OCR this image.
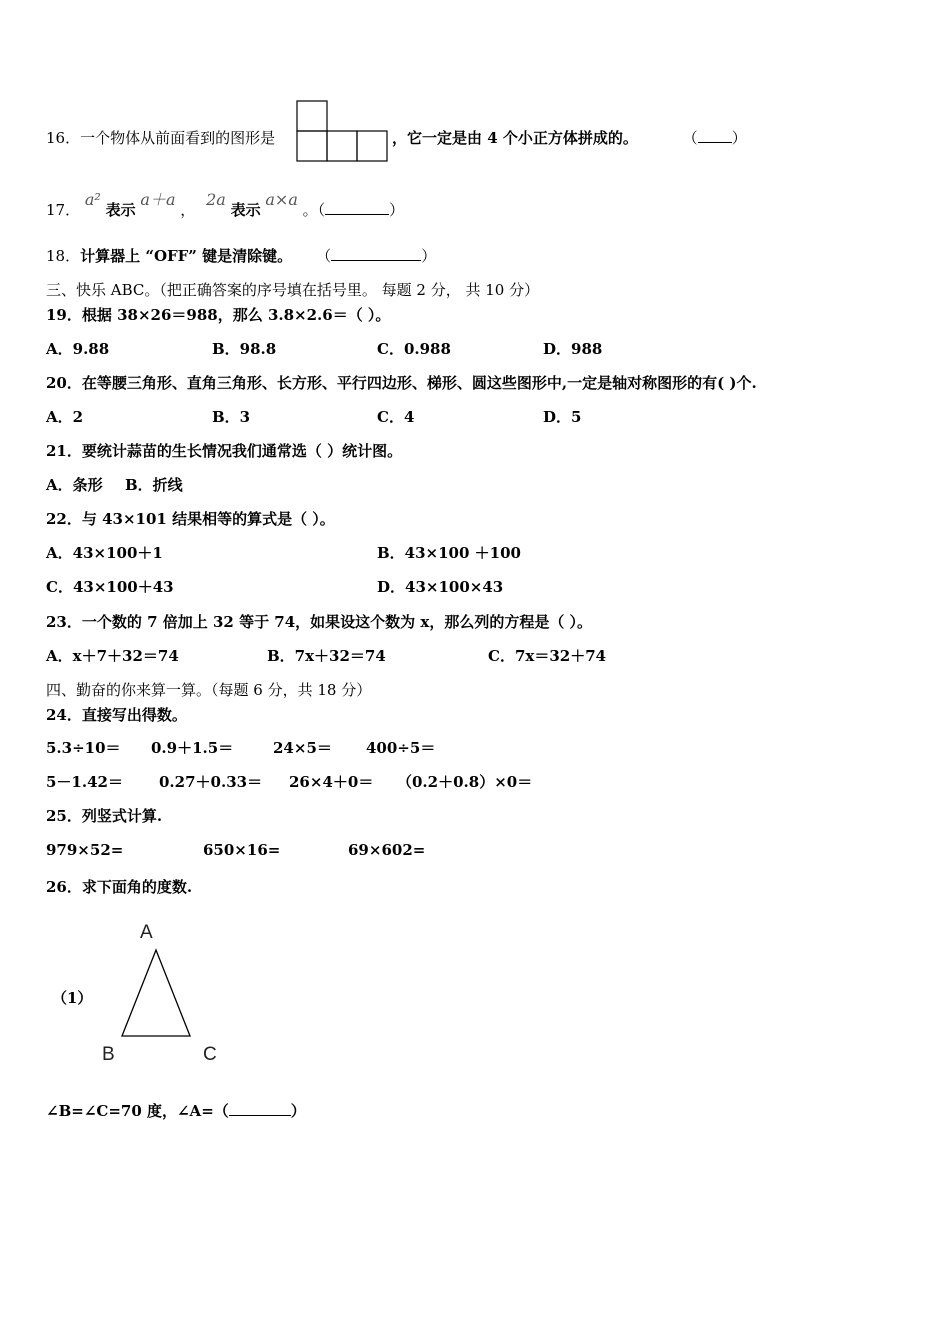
16．一个物体从前面看到的图形是	，它一定是由 4 个小正方体拼成的。	（ ）
17． a² 表示 a＋a ， 2a 表示 a×a 。（	）
18．计算器上 “OFF” 键是清除键。 （	）
三、快乐 ABC。（把正确答案的序号填在括号里。 每题 2 分， 共 10 分）
19．根据 38×26＝988，那么 3.8×2.6＝（ ）。
A．9.88	B．98.8	C．0.988	D．988
20．在等腰三角形、直角三角形、长方形、平行四边形、梯形、圆这些图形中,一定是轴对称图形的有( )个.
A．2	B．3	C．4	D．5
21．要统计蒜苗的生长情况我们通常选（ ）统计图。
A．条形 B．折线
22．与 43×101 结果相等的算式是（ ）。
A．43×100＋1	B．43×100 ＋100
C．43×100＋43	D．43×100×43
23．一个数的 7 倍加上 32 等于 74，如果设这个数为 x，那么列的方程是（ ）。
A．x＋7＋32＝74	B．7x＋32＝74	C．7x＝32＋74
四、勤奋的你来算一算。（每题 6 分，共 18 分）
24．直接写出得数。
5.3÷10＝ 0.9＋1.5＝	24×5＝ 400÷5＝
5－1.42＝ 0.27＋0.33＝ 26×4＋0＝ （0.2＋0.8）×0＝
25．列竖式计算.
979×52=	650×16=	69×602=
26．求下面角的度数.
（1）
A
B	C
∠B=∠C=70 度，∠A=（	）
